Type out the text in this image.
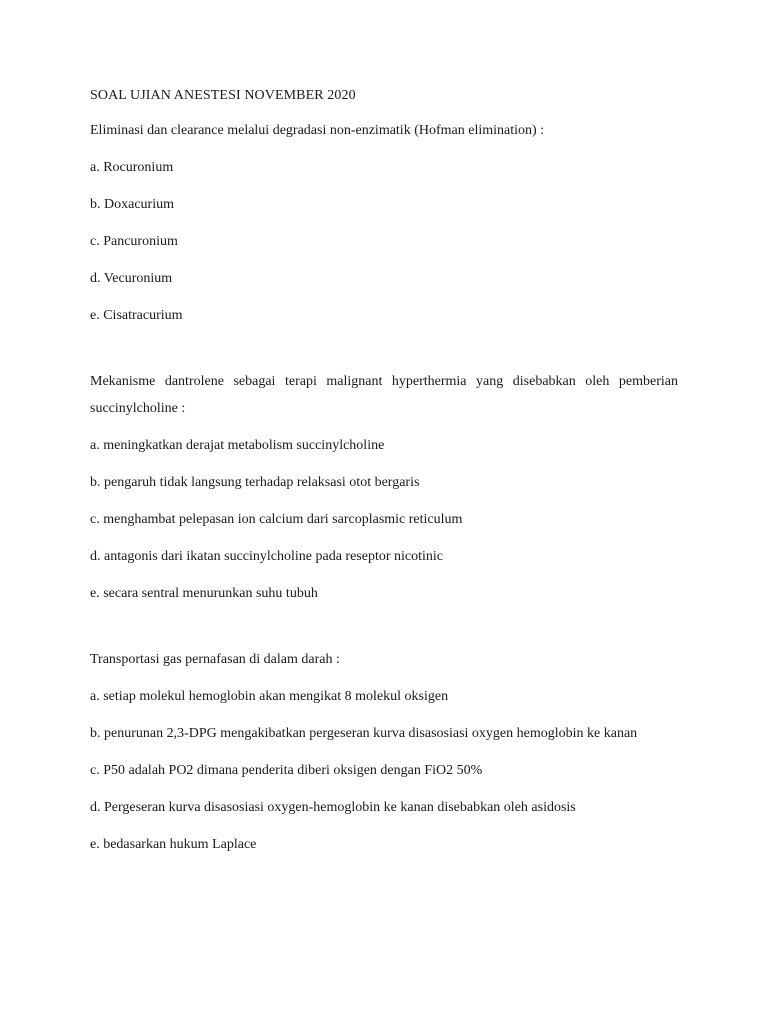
SOAL UJIAN ANESTESI NOVEMBER 2020

Eliminasi dan clearance melalui degradasi non-enzimatik (Hofman elimination) :

a. Rocuronium
b. Doxacurium
c. Pancuronium
d. Vecuronium
e. Cisatracurium

Mekanisme dantrolene sebagai terapi malignant hyperthermia yang disebabkan oleh pemberian succinylcholine :

a. meningkatkan derajat metabolism succinylcholine
b. pengaruh tidak langsung terhadap relaksasi otot bergaris
c. menghambat pelepasan ion calcium dari sarcoplasmic reticulum
d. antagonis dari ikatan succinylcholine pada reseptor nicotinic
e. secara sentral menurunkan suhu tubuh

Transportasi gas pernafasan di dalam darah :

a. setiap molekul hemoglobin akan mengikat 8 molekul oksigen
b. penurunan 2,3-DPG mengakibatkan pergeseran kurva disasosiasi oxygen hemoglobin ke kanan
c. P50 adalah PO2 dimana penderita diberi oksigen dengan FiO2 50%
d. Pergeseran kurva disasosiasi oxygen-hemoglobin ke kanan disebabkan oleh asidosis
e. bedasarkan hukum Laplace
